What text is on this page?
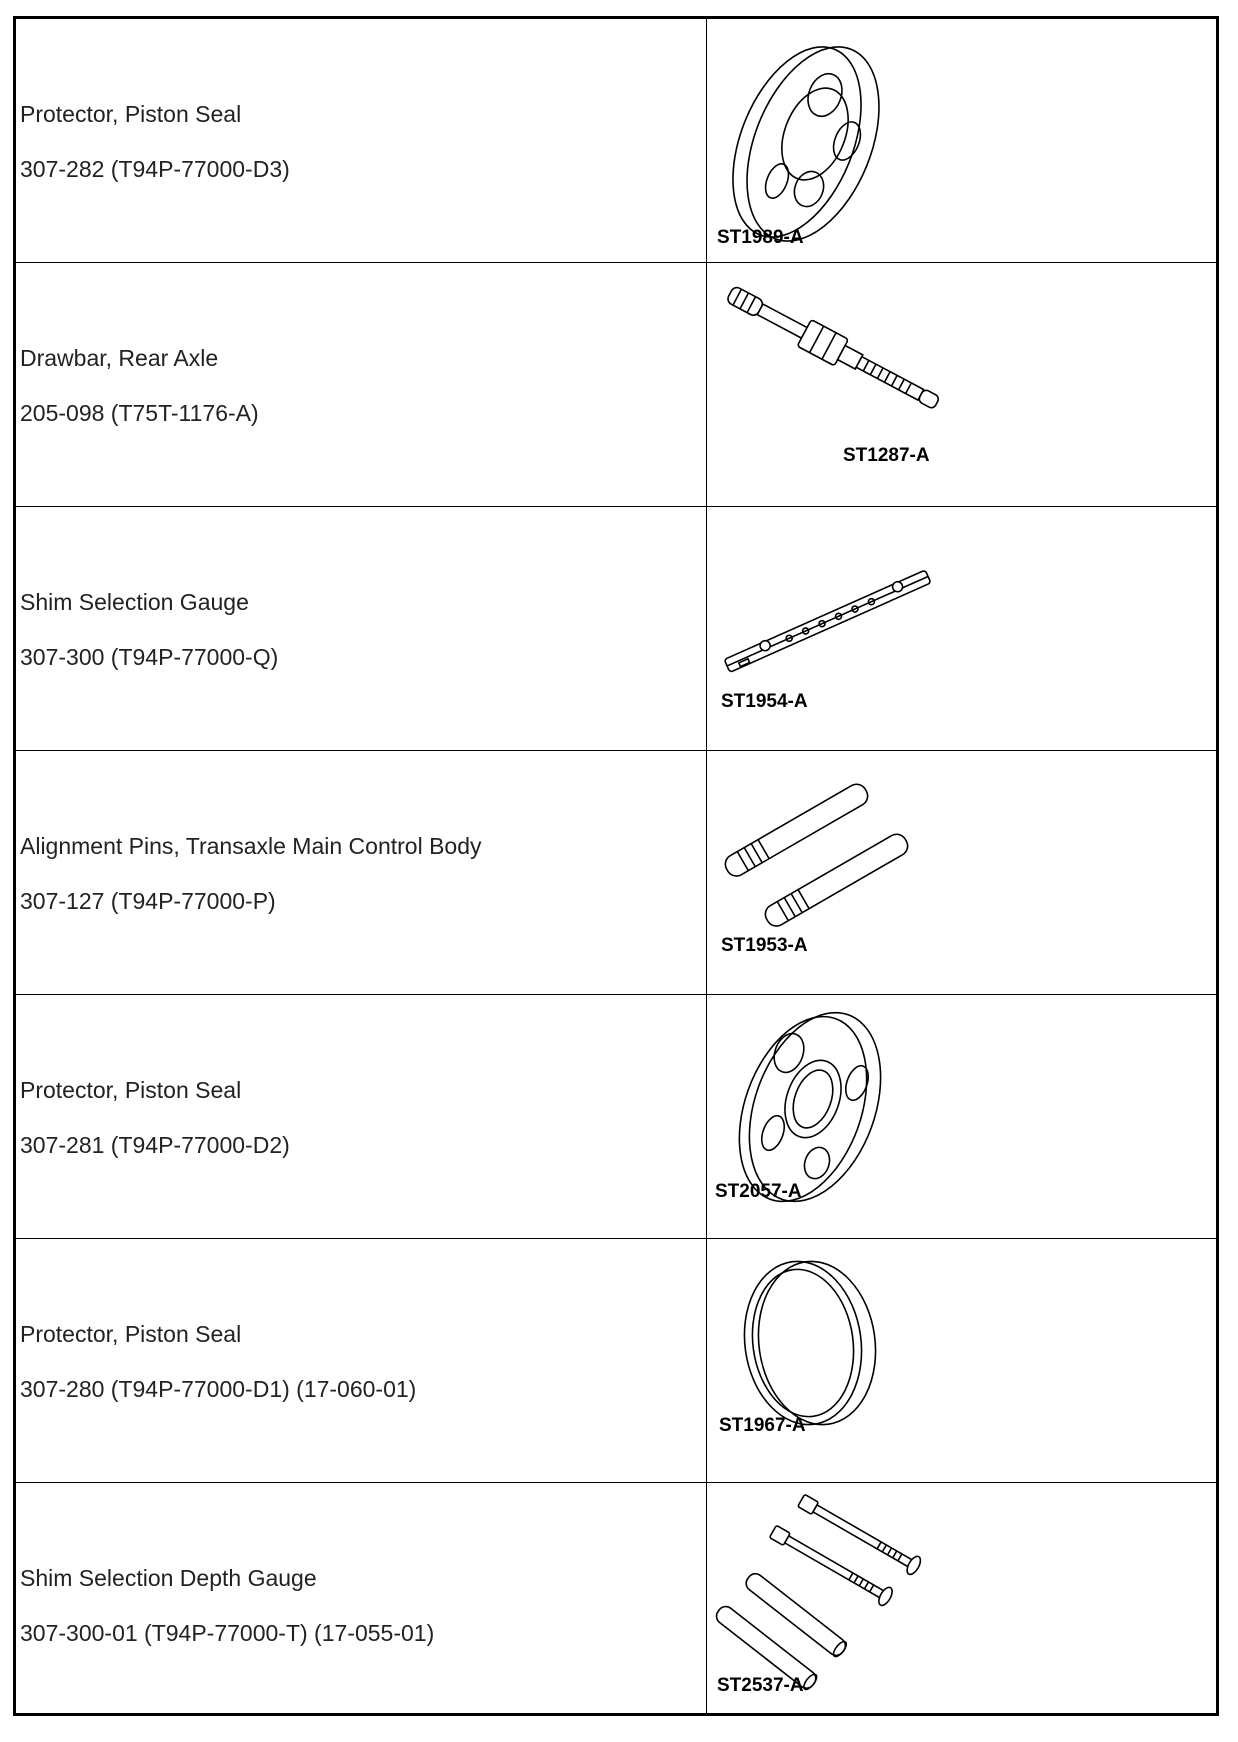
Protector, Piston Seal
307-282 (T94P-77000-D3)
ST1989-A
Drawbar, Rear Axle
205-098 (T75T-1176-A)
ST1287-A
Shim Selection Gauge
307-300 (T94P-77000-Q)
ST1954-A
Alignment Pins, Transaxle Main Control Body
307-127 (T94P-77000-P)
ST1953-A
Protector, Piston Seal
307-281 (T94P-77000-D2)
ST2057-A
Protector, Piston Seal
307-280 (T94P-77000-D1) (17-060-01)
ST1967-A
Shim Selection Depth Gauge
307-300-01 (T94P-77000-T) (17-055-01)
ST2537-A
